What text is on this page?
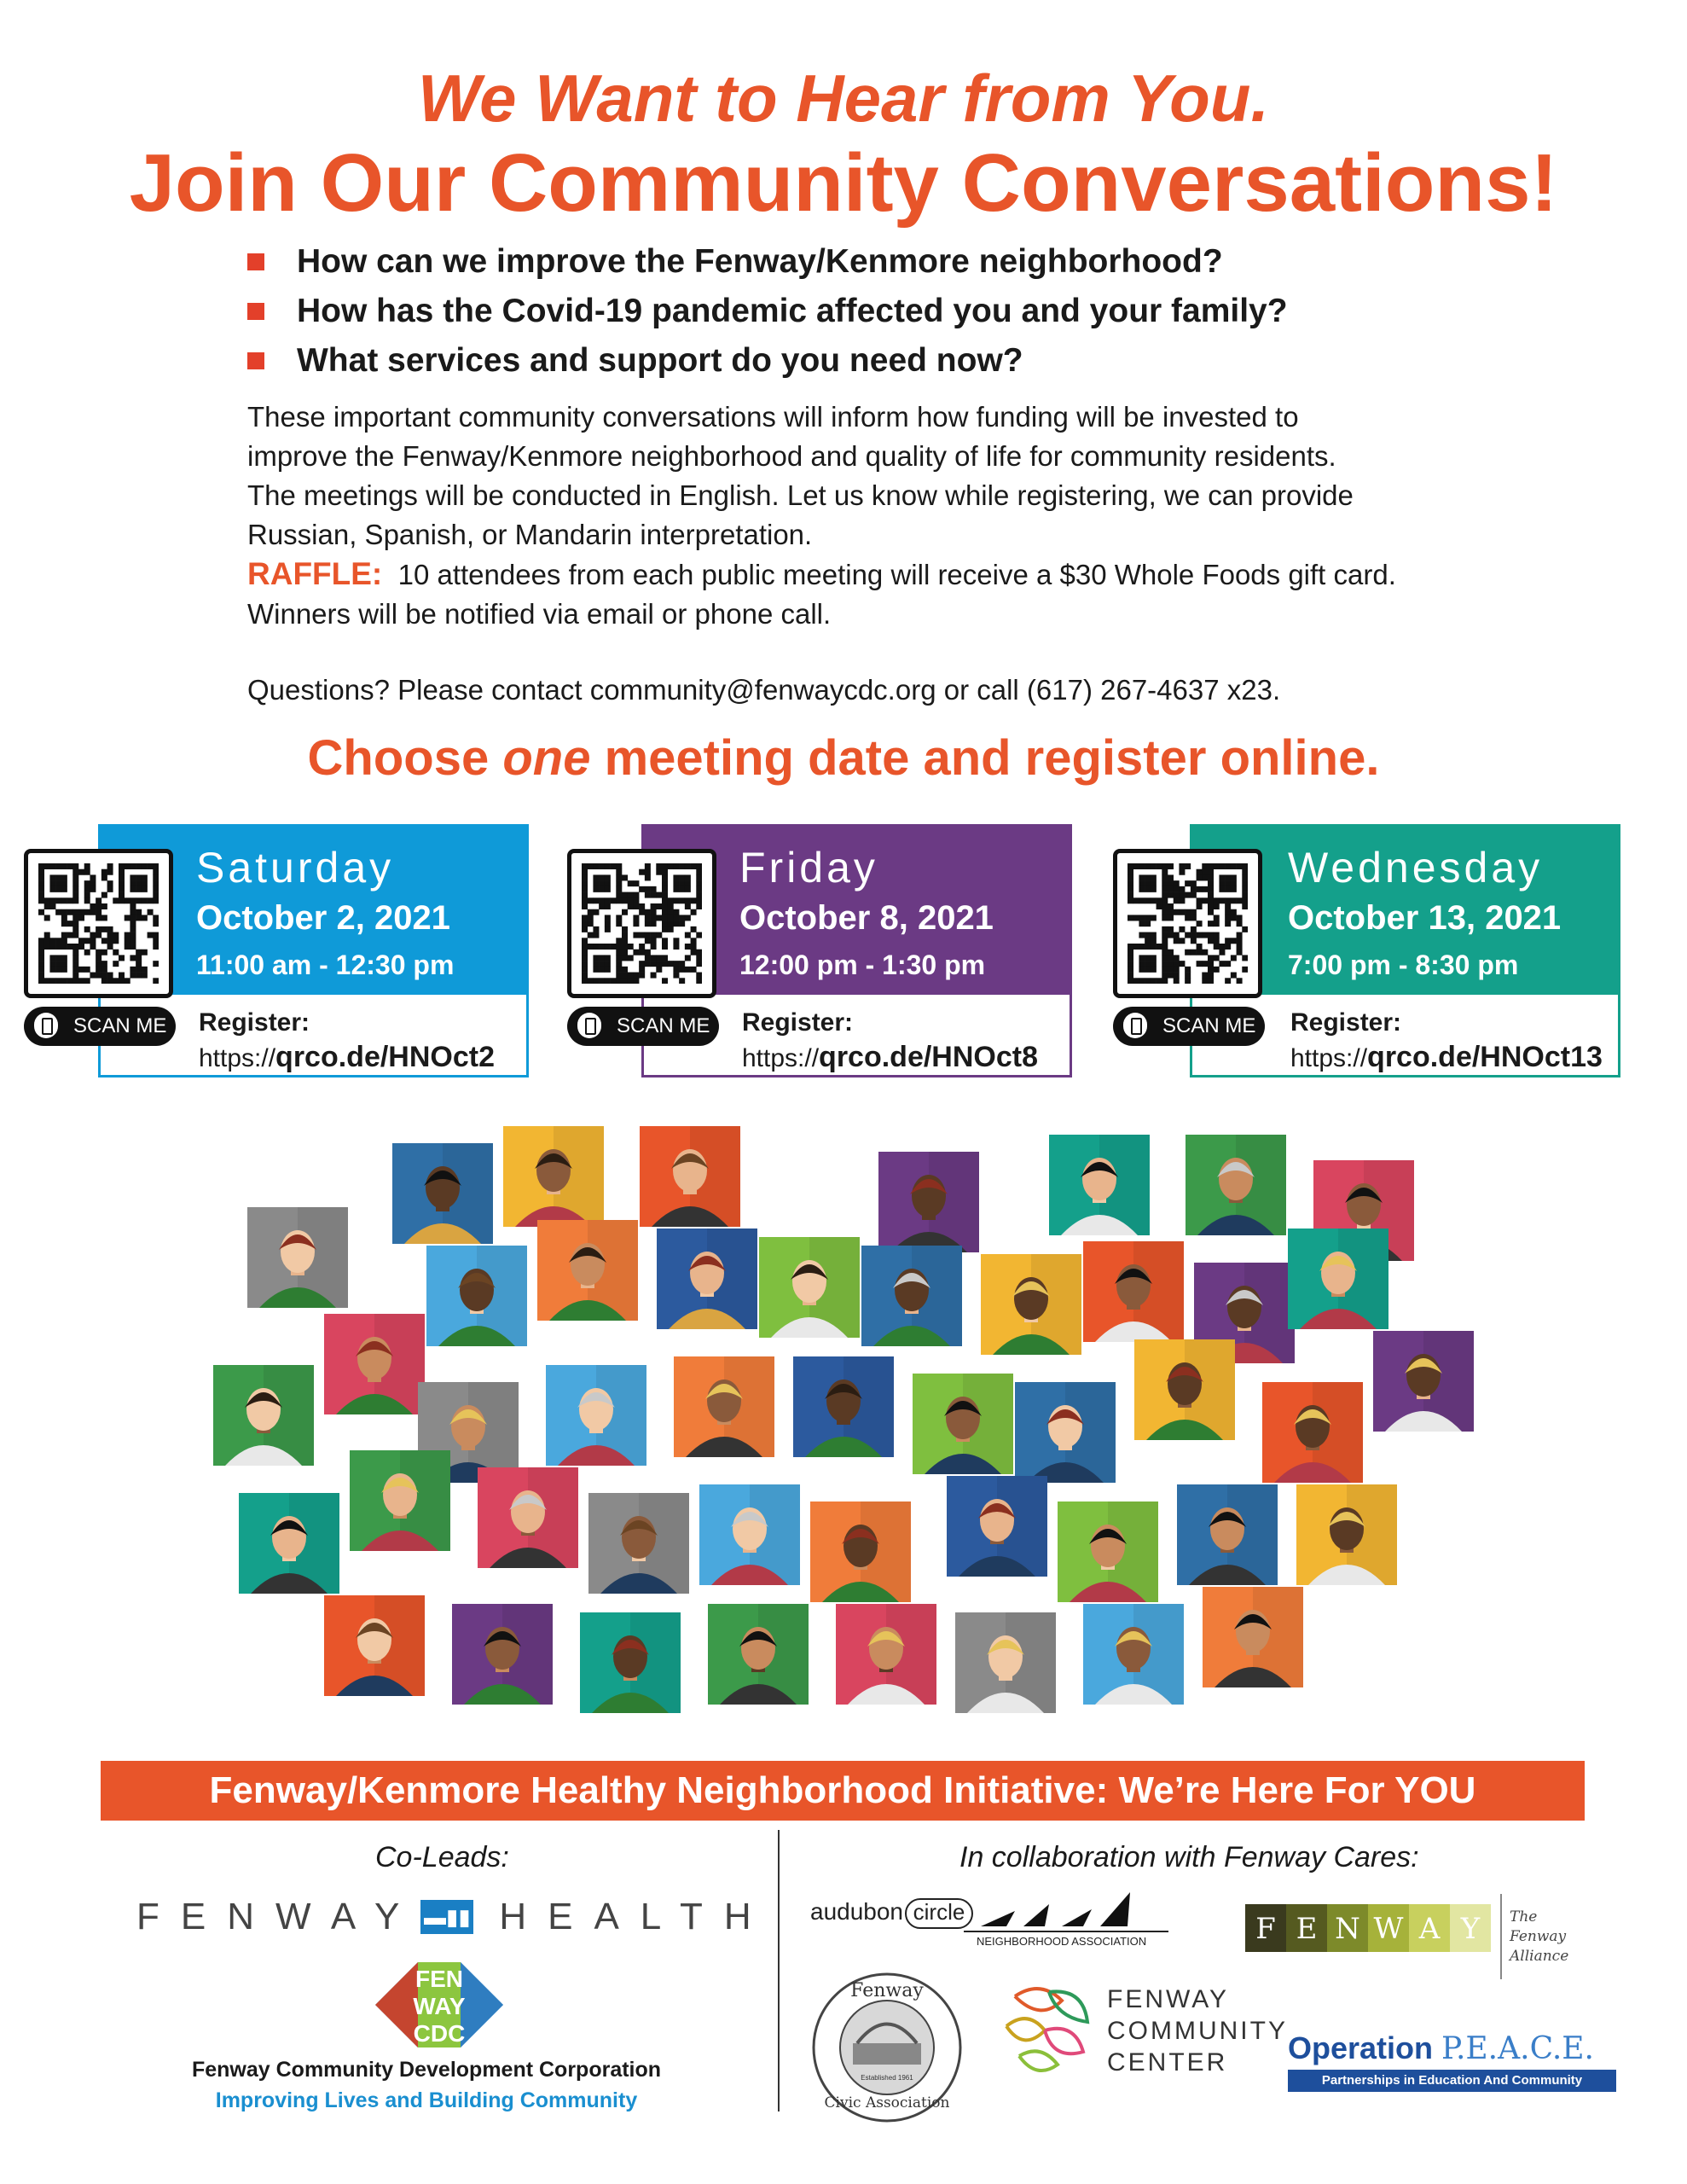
We Want to Hear from You.
Join Our Community Conversations!
How can we improve the Fenway/Kenmore neighborhood?
How has the Covid-19 pandemic affected you and your family?
What services and support do you need now?
These important community conversations will inform how funding will be invested to
improve the Fenway/Kenmore neighborhood and quality of life for community residents.
The meetings will be conducted in English. Let us know while registering, we can provide
Russian, Spanish, or Mandarin interpretation.
RAFFLE: 10 attendees from each public meeting will receive a $30 Whole Foods gift card.
Winners will be notified via email or phone call.
Questions? Please contact community@fenwaycdc.org or call (617) 267-4637 x23.
Choose one meeting date and register online.
Saturday
October 2, 2021
11:00 am - 12:30 pm
Register:
https://qrco.de/HNOct2
Friday
October 8, 2021
12:00 pm - 1:30 pm
Register:
https://qrco.de/HNOct8
Wednesday
October 13, 2021
7:00 pm - 8:30 pm
Register:
https://qrco.de/HNOct13
SCAN ME	SCAN ME	SCAN ME
Fenway/Kenmore Healthy Neighborhood Initiative: We’re Here For YOU
Co-Leads:	In collaboration with Fenway Cares:
FENWAY ▬▮▮ HEALTH
FEN
WAY
CDC
Fenway Community Development Corporation
Improving Lives and Building Community
audubon circle
NEIGHBORHOOD ASSOCIATION	F E N W A Y The
Fenway
Alliance
Fenway
Established 1961
Civic Association
FENWAY
COMMUNITY
CENTER	Operation P.E.A.C.E.
Partnerships in Education And Community Enrichment
